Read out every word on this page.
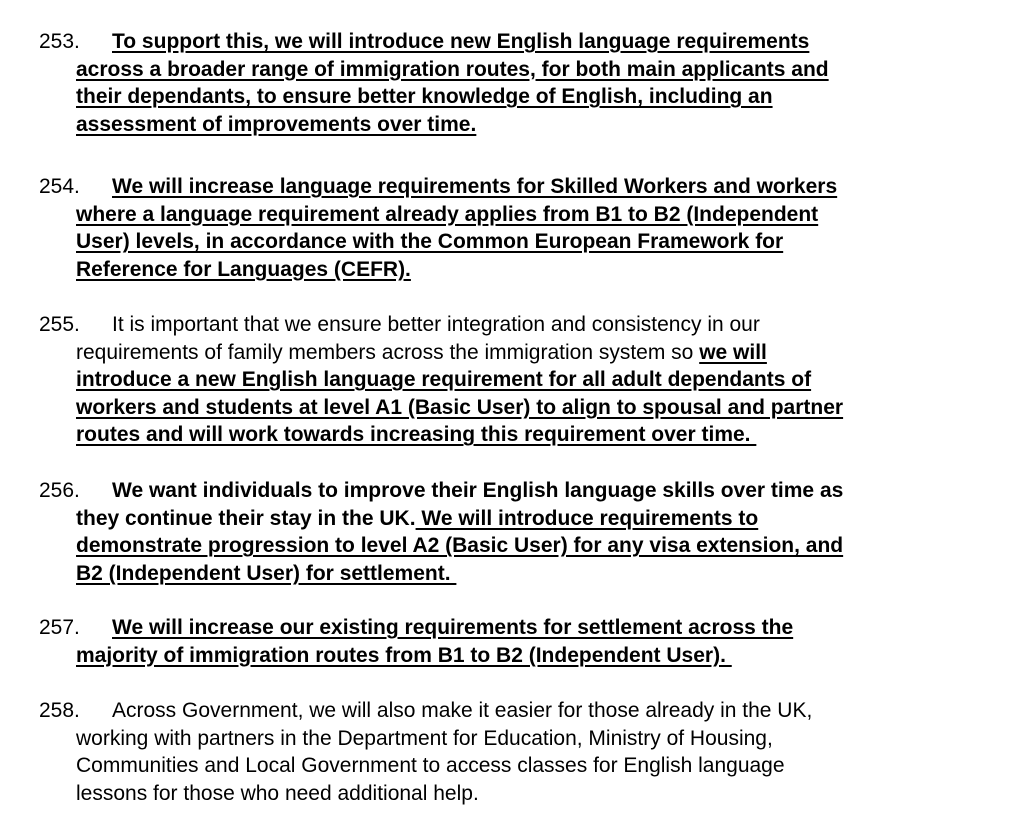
253. To support this, we will introduce new English language requirements
across a broader range of immigration routes, for both main applicants and
their dependants, to ensure better knowledge of English, including an
assessment of improvements over time.
254. We will increase language requirements for Skilled Workers and workers
where a language requirement already applies from B1 to B2 (Independent
User) levels, in accordance with the Common European Framework for
Reference for Languages (CEFR).
255. It is important that we ensure better integration and consistency in our
requirements of family members across the immigration system so we will
introduce a new English language requirement for all adult dependants of
workers and students at level A1 (Basic User) to align to spousal and partner
routes and will work towards increasing this requirement over time.
256. We want individuals to improve their English language skills over time as
they continue their stay in the UK. We will introduce requirements to
demonstrate progression to level A2 (Basic User) for any visa extension, and
B2 (Independent User) for settlement.
257. We will increase our existing requirements for settlement across the
majority of immigration routes from B1 to B2 (Independent User).
258. Across Government, we will also make it easier for those already in the UK,
working with partners in the Department for Education, Ministry of Housing,
Communities and Local Government to access classes for English language
lessons for those who need additional help.
